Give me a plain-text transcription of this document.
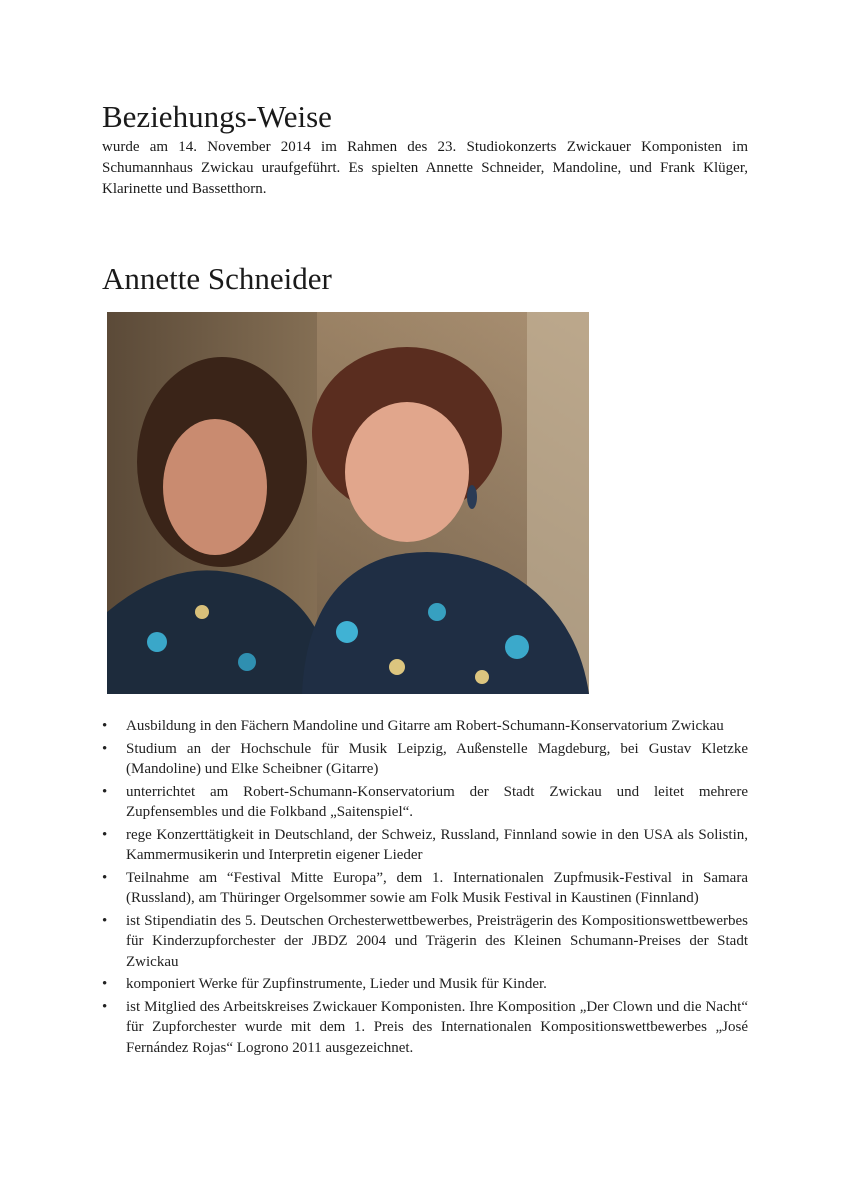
Beziehungs-Weise

wurde am 14. November 2014 im Rahmen des 23. Studiokonzerts Zwickauer Komponisten im Schumannhaus Zwickau uraufgeführt. Es spielten Annette Schneider, Mandoline, und Frank Klüger, Klarinette und Bassetthorn.

Annette Schneider
• Ausbildung in den Fächern Mandoline und Gitarre am Robert-Schumann-Konservatorium Zwickau
• Studium an der Hochschule für Musik Leipzig, Außenstelle Magdeburg, bei Gustav Kletzke (Mandoline) und Elke Scheibner (Gitarre)
• unterrichtet am Robert-Schumann-Konservatorium der Stadt Zwickau und leitet mehrere Zupfensembles und die Folkband „Saitenspiel“.
• rege Konzerttätigkeit in Deutschland, der Schweiz, Russland, Finnland sowie in den USA als Solistin, Kammermusikerin und Interpretin eigener Lieder
• Teilnahme am “Festival Mitte Europa”, dem 1. Internationalen Zupfmusik-Festival in Samara (Russland), am Thüringer Orgelsommer sowie am Folk Musik Festival in Kaustinen (Finnland)
• ist Stipendiatin des 5. Deutschen Orchesterwettbewerbes, Preisträgerin des Kompositionswettbewerbes für Kinderzupforchester der JBDZ 2004 und Trägerin des Kleinen Schumann-Preises der Stadt Zwickau
• komponiert Werke für Zupfinstrumente, Lieder und Musik für Kinder.
• ist Mitglied des Arbeitskreises Zwickauer Komponisten. Ihre Komposition „Der Clown und die Nacht“ für Zupforchester wurde mit dem 1. Preis des Internationalen Kompositionswettbewerbes „José Fernández Rojas“ Logrono 2011 ausgezeichnet.
